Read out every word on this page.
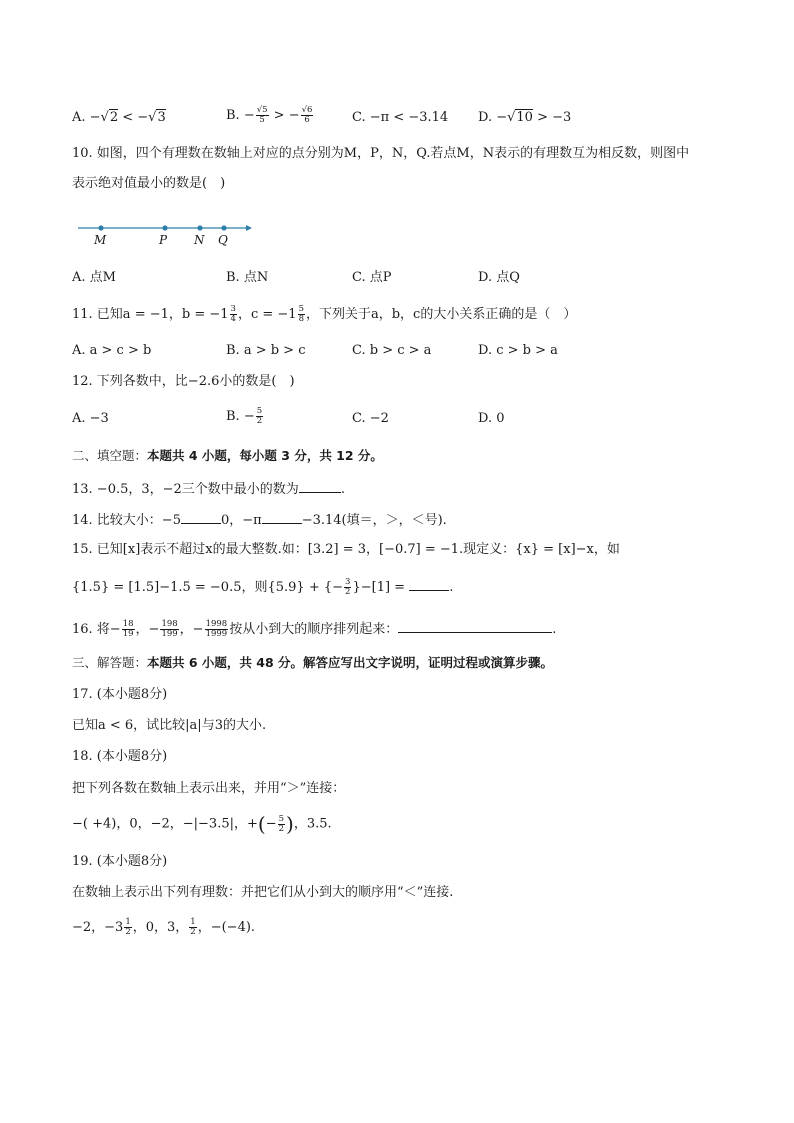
A. −√2 < −√3	B. − $\frac{√5}{5}$ > − $\frac{√6}{6}$	C. −π < −3.14 D. −√10 > −3
10. 如图，四个有理数在数轴上对应的点分别为M，P，N，Q.若点M，N表示的有理数互为相反数，则图中
表示绝对值最小的数是(　)
M	P N Q
A. 点M	B. 点N	C. 点P	D. 点Q
11. 已知a = −1，$b = -1 \frac{3}{4}$ ，$c = -1 \frac{5}{8}$ ，下列关于a，b，c的大小关系正确的是（　）
A. a > c > b	B. a > b > c	C. b > c > a	D. c > b > a
12. 下列各数中，比−2.6小的数是(　)
A. −3	B. − $\frac{5}{2}$	C. −2	D. 0
二、填空题：本题共 4 小题，每小题 3 分，共 12 分。
13. −0.5，3，−2三个数中最小的数为	.
14. 比较大小：−5	0，−π	−3.14(填＝，＞，＜号).
15. 已知[x]表示不超过x的最大整数.如：[3.2] = 3，[−0.7] = −1.现定义：{x} = [x]−x，如
{1.5} = [1.5]−1.5 = −0.5，则{5.9} + {− $\frac{3}{2} \}-[1]$ =	.
16. 将− $\frac{18}{19}$ ，− $\frac{198}{199}$ ，− $\frac{1998}{1999}$ 按从小到大的顺序排列起来：	.
三、解答题：本题共 6 小题，共 48 分。解答应写出文字说明，证明过程或演算步骤。
17. (本小题8分)
已知a < 6，试比较|a|与3的大小.
18. (本小题8分)
把下列各数在数轴上表示出来，并用“＞”连接：
−( +4)，0，−2，−|−3.5|，+(− $\frac{5}{2}$ )，3.5.
19. (本小题8分)
在数轴上表示出下列有理数：并把它们从小到大的顺序用“＜”连接.
−2，$-3 \frac{1}{2}$ ，0，3， $\frac{1}{2}$ ，−(−4).
